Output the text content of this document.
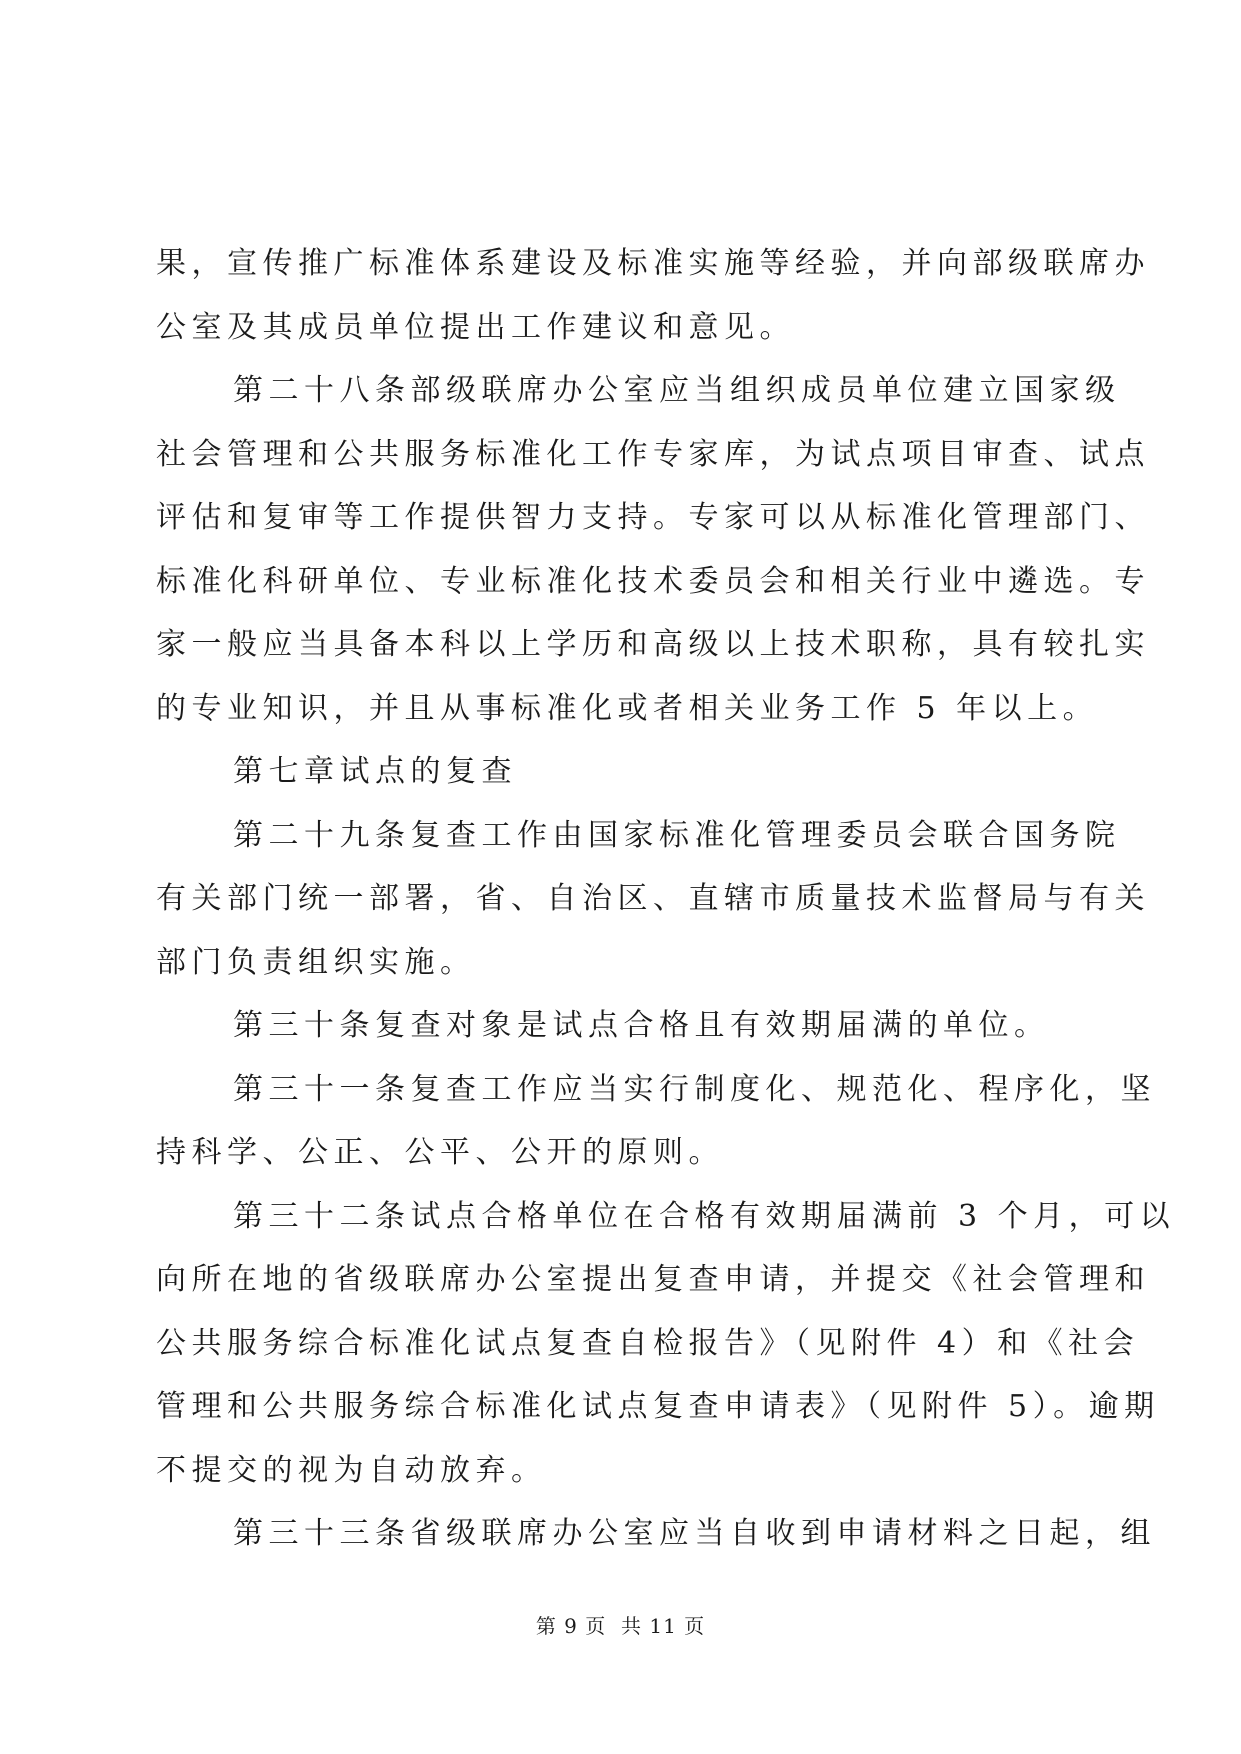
果，宣传推广标准体系建设及标准实施等经验，并向部级联席办
公室及其成员单位提出工作建议和意见。
第二十八条部级联席办公室应当组织成员单位建立国家级
社会管理和公共服务标准化工作专家库，为试点项目审查、试点
评估和复审等工作提供智力支持。专家可以从标准化管理部门、
标准化科研单位、专业标准化技术委员会和相关行业中遴选。专
家一般应当具备本科以上学历和高级以上技术职称，具有较扎实
的专业知识，并且从事标准化或者相关业务工作 5 年以上。
第七章试点的复查
第二十九条复查工作由国家标准化管理委员会联合国务院
有关部门统一部署，省、自治区、直辖市质量技术监督局与有关
部门负责组织实施。
第三十条复查对象是试点合格且有效期届满的单位。
第三十一条复查工作应当实行制度化、规范化、程序化，坚
持科学、公正、公平、公开的原则。
第三十二条试点合格单位在合格有效期届满前 3 个月，可以
向所在地的省级联席办公室提出复查申请，并提交《社会管理和
公共服务综合标准化试点复查自检报告》（见附件 4）和《社会
管理和公共服务综合标准化试点复查申请表》（见附件 5）。逾期
不提交的视为自动放弃。
第三十三条省级联席办公室应当自收到申请材料之日起，组
第 9 页  共 11 页
